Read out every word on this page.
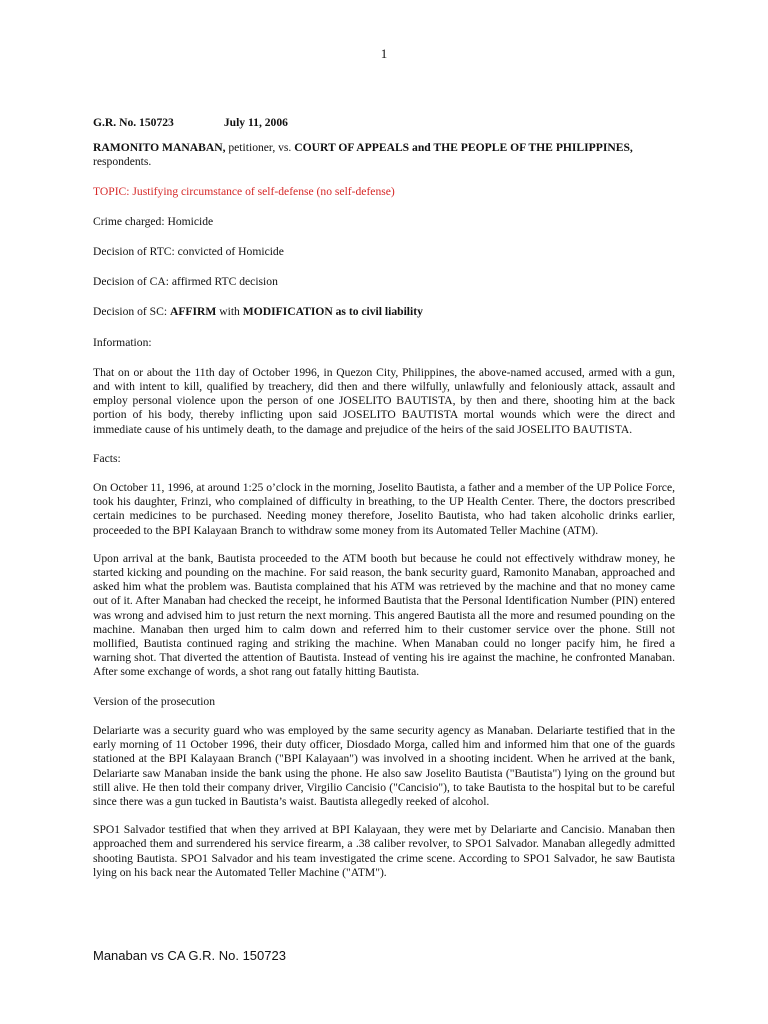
1
G.R. No. 150723	July 11, 2006

RAMONITO MANABAN, petitioner, vs. COURT OF APPEALS and THE PEOPLE OF THE PHILIPPINES, respondents.

TOPIC: Justifying circumstance of self-defense (no self-defense)

Crime charged: Homicide

Decision of RTC: convicted of Homicide

Decision of CA: affirmed RTC decision

Decision of SC: AFFIRM with MODIFICATION as to civil liability

Information:

That on or about the 11th day of October 1996, in Quezon City, Philippines, the above-named accused, armed with a gun, and with intent to kill, qualified by treachery, did then and there wilfully, unlawfully and feloniously attack, assault and employ personal violence upon the person of one JOSELITO BAUTISTA, by then and there, shooting him at the back portion of his body, thereby inflicting upon said JOSELITO BAUTISTA mortal wounds which were the direct and immediate cause of his untimely death, to the damage and prejudice of the heirs of the said JOSELITO BAUTISTA.

Facts:

On October 11, 1996, at around 1:25 o’clock in the morning, Joselito Bautista, a father and a member of the UP Police Force, took his daughter, Frinzi, who complained of difficulty in breathing, to the UP Health Center. There, the doctors prescribed certain medicines to be purchased. Needing money therefore, Joselito Bautista, who had taken alcoholic drinks earlier, proceeded to the BPI Kalayaan Branch to withdraw some money from its Automated Teller Machine (ATM).

Upon arrival at the bank, Bautista proceeded to the ATM booth but because he could not effectively withdraw money, he started kicking and pounding on the machine. For said reason, the bank security guard, Ramonito Manaban, approached and asked him what the problem was. Bautista complained that his ATM was retrieved by the machine and that no money came out of it. After Manaban had checked the receipt, he informed Bautista that the Personal Identification Number (PIN) entered was wrong and advised him to just return the next morning. This angered Bautista all the more and resumed pounding on the machine. Manaban then urged him to calm down and referred him to their customer service over the phone. Still not mollified, Bautista continued raging and striking the machine. When Manaban could no longer pacify him, he fired a warning shot. That diverted the attention of Bautista. Instead of venting his ire against the machine, he confronted Manaban. After some exchange of words, a shot rang out fatally hitting Bautista.

Version of the prosecution

Delariarte was a security guard who was employed by the same security agency as Manaban. Delariarte testified that in the early morning of 11 October 1996, their duty officer, Diosdado Morga, called him and informed him that one of the guards stationed at the BPI Kalayaan Branch ("BPI Kalayaan") was involved in a shooting incident. When he arrived at the bank, Delariarte saw Manaban inside the bank using the phone. He also saw Joselito Bautista ("Bautista") lying on the ground but still alive. He then told their company driver, Virgilio Cancisio ("Cancisio"), to take Bautista to the hospital but to be careful since there was a gun tucked in Bautista’s waist. Bautista allegedly reeked of alcohol.

SPO1 Salvador testified that when they arrived at BPI Kalayaan, they were met by Delariarte and Cancisio. Manaban then approached them and surrendered his service firearm, a .38 caliber revolver, to SPO1 Salvador. Manaban allegedly admitted shooting Bautista. SPO1 Salvador and his team investigated the crime scene. According to SPO1 Salvador, he saw Bautista lying on his back near the Automated Teller Machine ("ATM").

Manaban vs CA G.R. No. 150723
